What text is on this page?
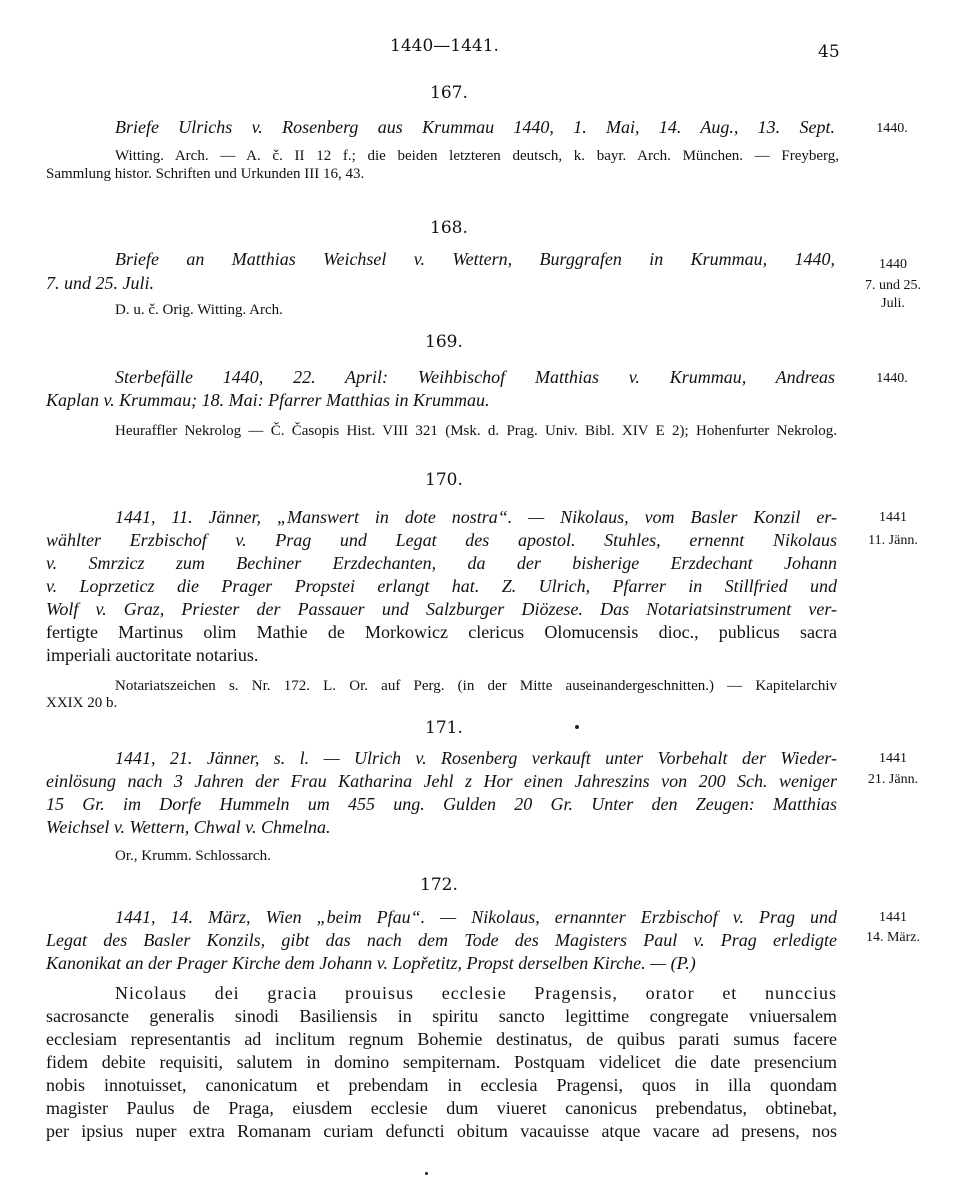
1440—1441.	45
167.
Briefe Ulrichs v. Rosenberg aus Krummau 1440, 1. Mai, 14. Aug., 13. Sept.	1440.
Witting. Arch. — A. č. II 12 f.; die beiden letzteren deutsch, k. bayr. Arch. München. — Freyberg,
Sammlung histor. Schriften und Urkunden III 16, 43.
168.
Briefe an Matthias Weichsel v. Wettern, Burggrafen in Krummau, 1440,
7. und 25. Juli.
1440
7. und 25.
Juli.
D. u. č. Orig. Witting. Arch.
169.
Sterbefälle 1440, 22. April: Weihbischof Matthias v. Krummau, Andreas	1440.
Kaplan v. Krummau; 18. Mai: Pfarrer Matthias in Krummau.
Heuraffler Nekrolog — Č. Časopis Hist. VIII 321 (Msk. d. Prag. Univ. Bibl. XIV E 2); Hohenfurter Nekrolog.
170.
1441, 11. Jänner, „Manswert in dote nostra“. — Nikolaus, vom Basler Konzil er-
wählter Erzbischof v. Prag und Legat des apostol. Stuhles, ernennt Nikolaus
v. Smrzicz zum Bechiner Erzdechanten, da der bisherige Erzdechant Johann
v. Loprzeticz die Prager Propstei erlangt hat. Z. Ulrich, Pfarrer in Stillfried und
Wolf v. Graz, Priester der Passauer und Salzburger Diözese. Das Notariatsinstrument ver-
fertigte Martinus olim Mathie de Morkowicz clericus Olomucensis dioc., publicus sacra
imperiali auctoritate notarius.
1441
11. Jänn.
Notariatszeichen s. Nr. 172. L. Or. auf Perg. (in der Mitte auseinandergeschnitten.) — Kapitelarchiv
XXIX 20 b.
171.
1441, 21. Jänner, s. l. — Ulrich v. Rosenberg verkauft unter Vorbehalt der Wieder-
einlösung nach 3 Jahren der Frau Katharina Jehl z Hor einen Jahreszins von 200 Sch. weniger
15 Gr. im Dorfe Hummeln um 455 ung. Gulden 20 Gr. Unter den Zeugen: Matthias
Weichsel v. Wettern, Chwal v. Chmelna.
1441
21. Jänn.
Or., Krumm. Schlossarch.
172.
1441, 14. März, Wien „beim Pfau“. — Nikolaus, ernannter Erzbischof v. Prag und
Legat des Basler Konzils, gibt das nach dem Tode des Magisters Paul v. Prag erledigte
Kanonikat an der Prager Kirche dem Johann v. Lopřetitz, Propst derselben Kirche. — (P.)
1441
14. März.
Nicolaus dei gracia prouisus ecclesie Pragensis, orator et nunccius
sacrosancte generalis sinodi Basiliensis in spiritu sancto legittime congregate vniuersalem
ecclesiam representantis ad inclitum regnum Bohemie destinatus, de quibus parati sumus facere
fidem debite requisiti, salutem in domino sempiternam. Postquam videlicet die date presencium
nobis innotuisset, canonicatum et prebendam in ecclesia Pragensi, quos in illa quondam
magister Paulus de Praga, eiusdem ecclesie dum viueret canonicus prebendatus, obtinebat,
per ipsius nuper extra Romanam curiam defuncti obitum vacauisse atque vacare ad presens, nos
